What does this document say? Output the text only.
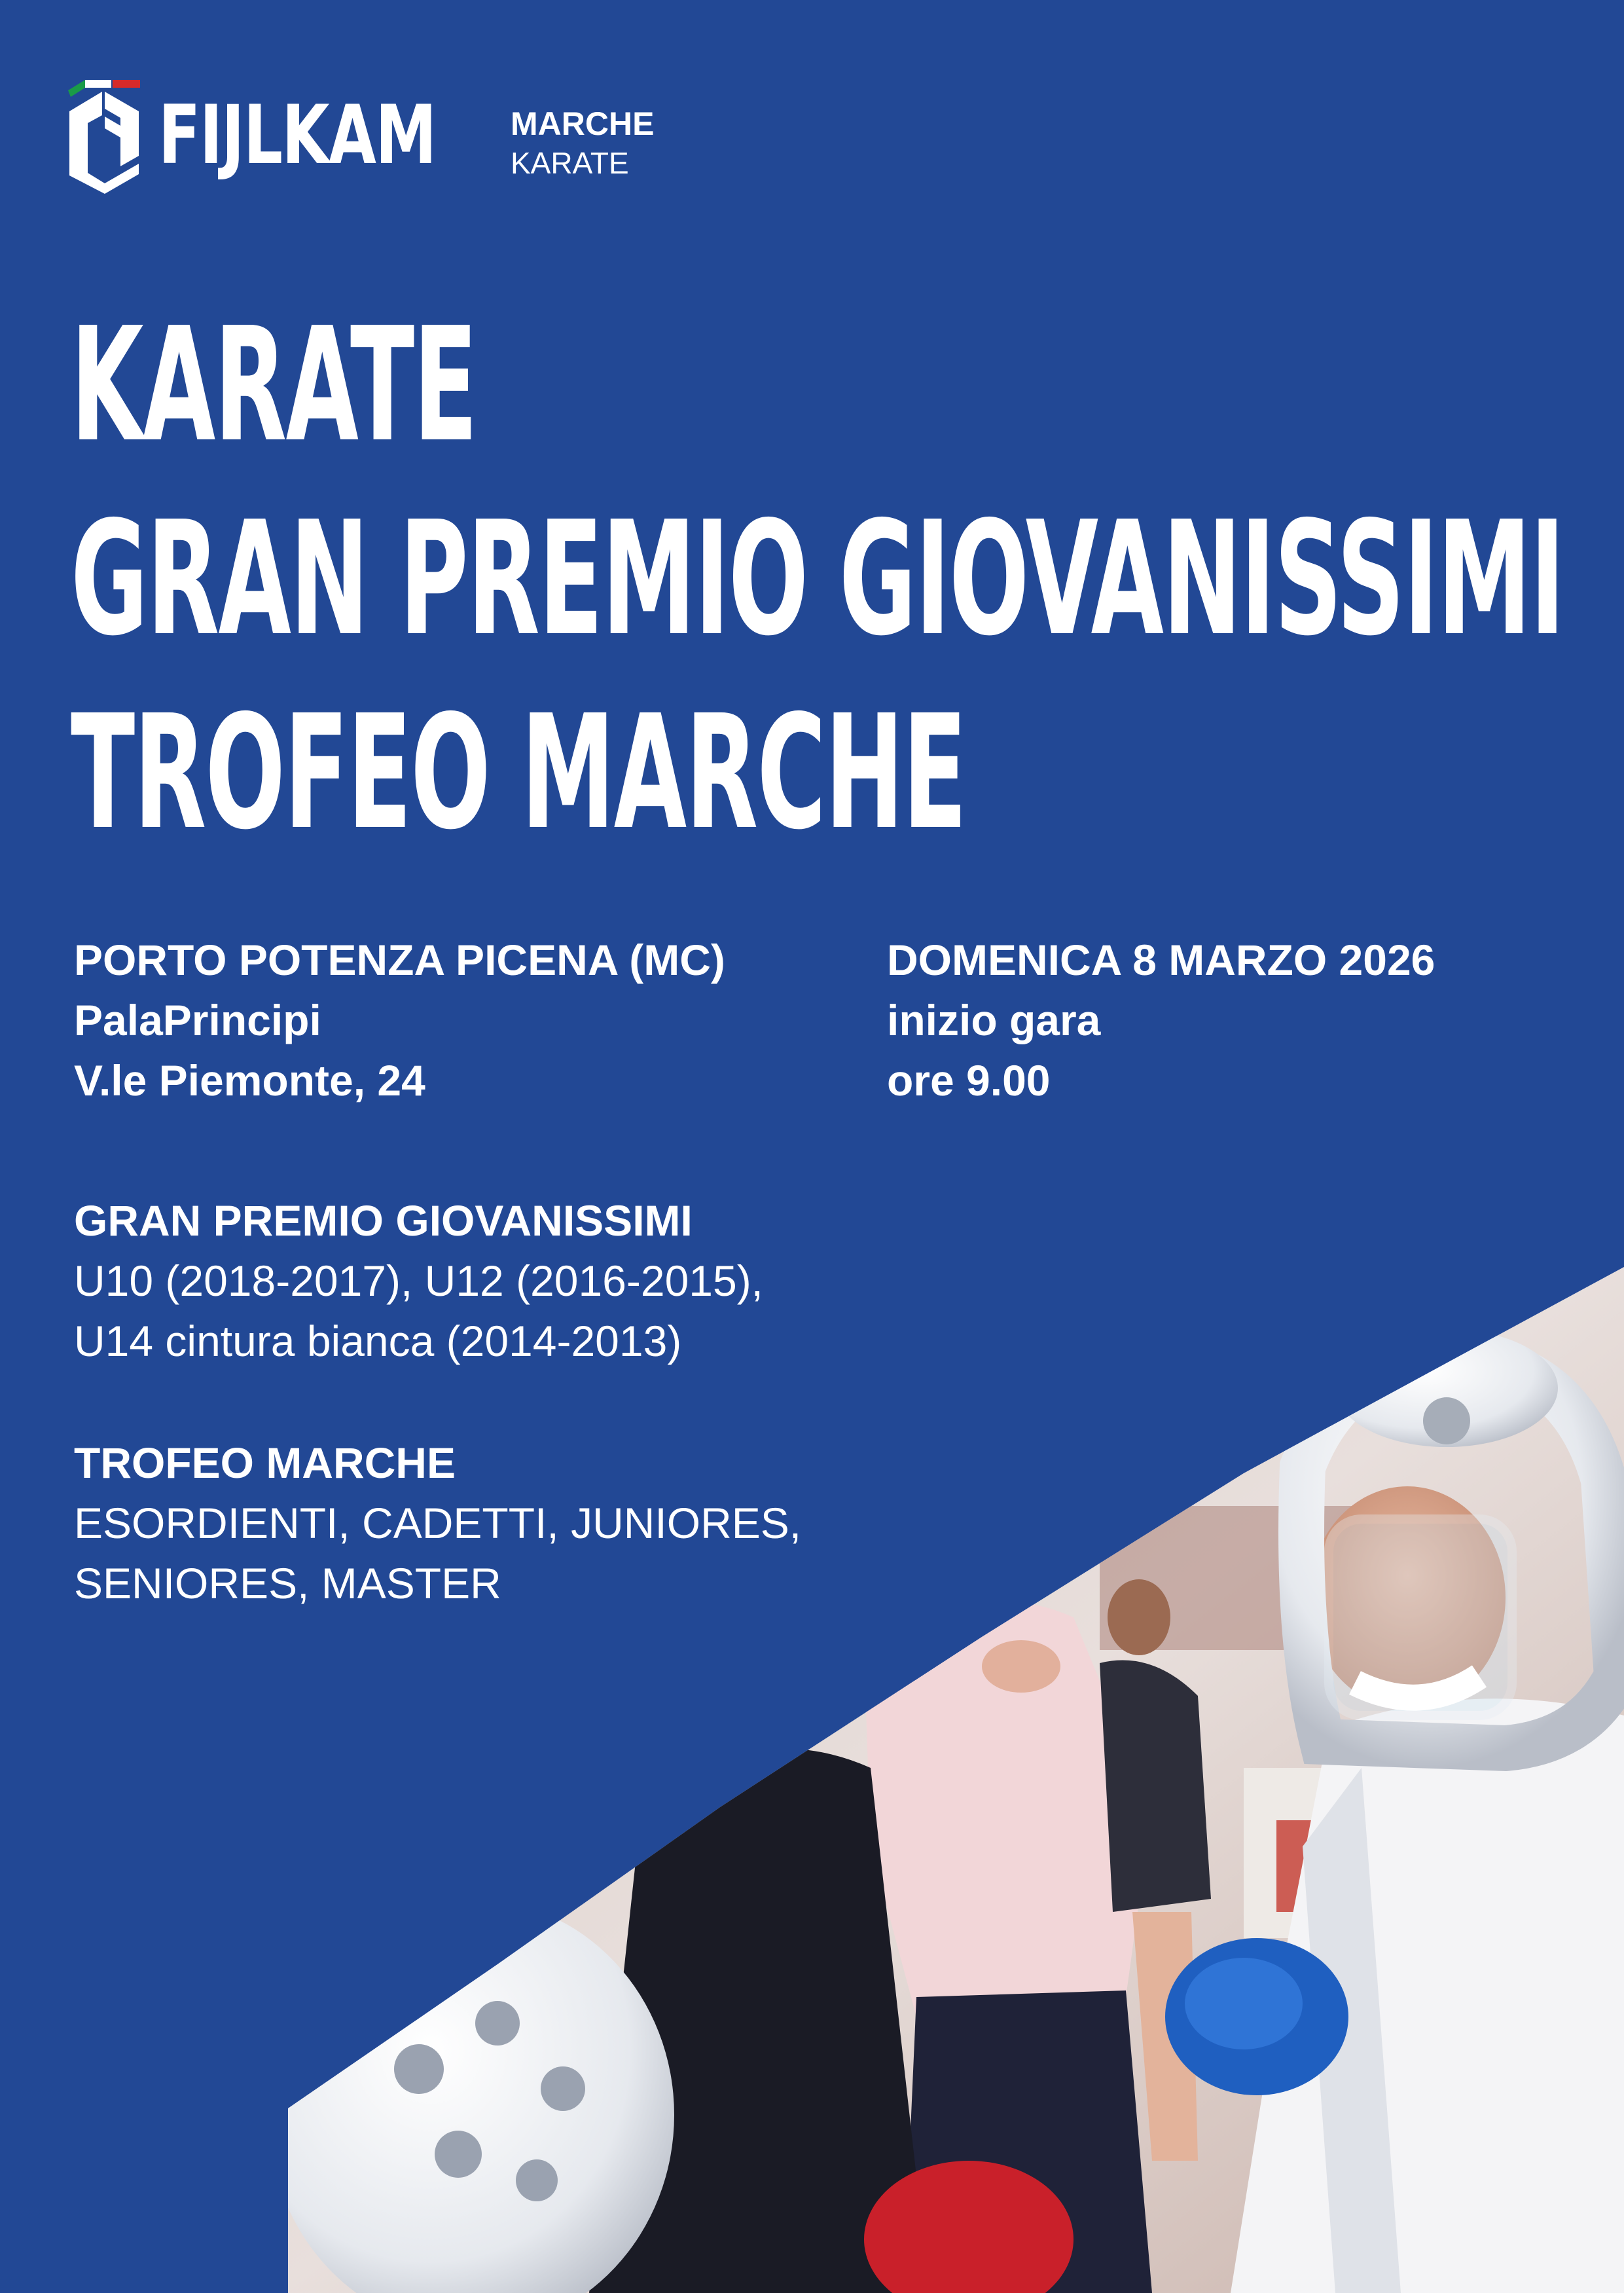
FIJLKAM MARCHE
KARATE
KARATE
GRAN PREMIO GIOVANISSIMI
TROFEO MARCHE
PORTO POTENZA PICENA (MC)
PalaPrincipi
V.le Piemonte, 24
DOMENICA 8 MARZO 2026
inizio gara
ore 9.00
GRAN PREMIO GIOVANISSIMI
U10 (2018-2017), U12 (2016-2015),
U14 cintura bianca (2014-2013)
TROFEO MARCHE
ESORDIENTI, CADETTI, JUNIORES,
SENIORES, MASTER
